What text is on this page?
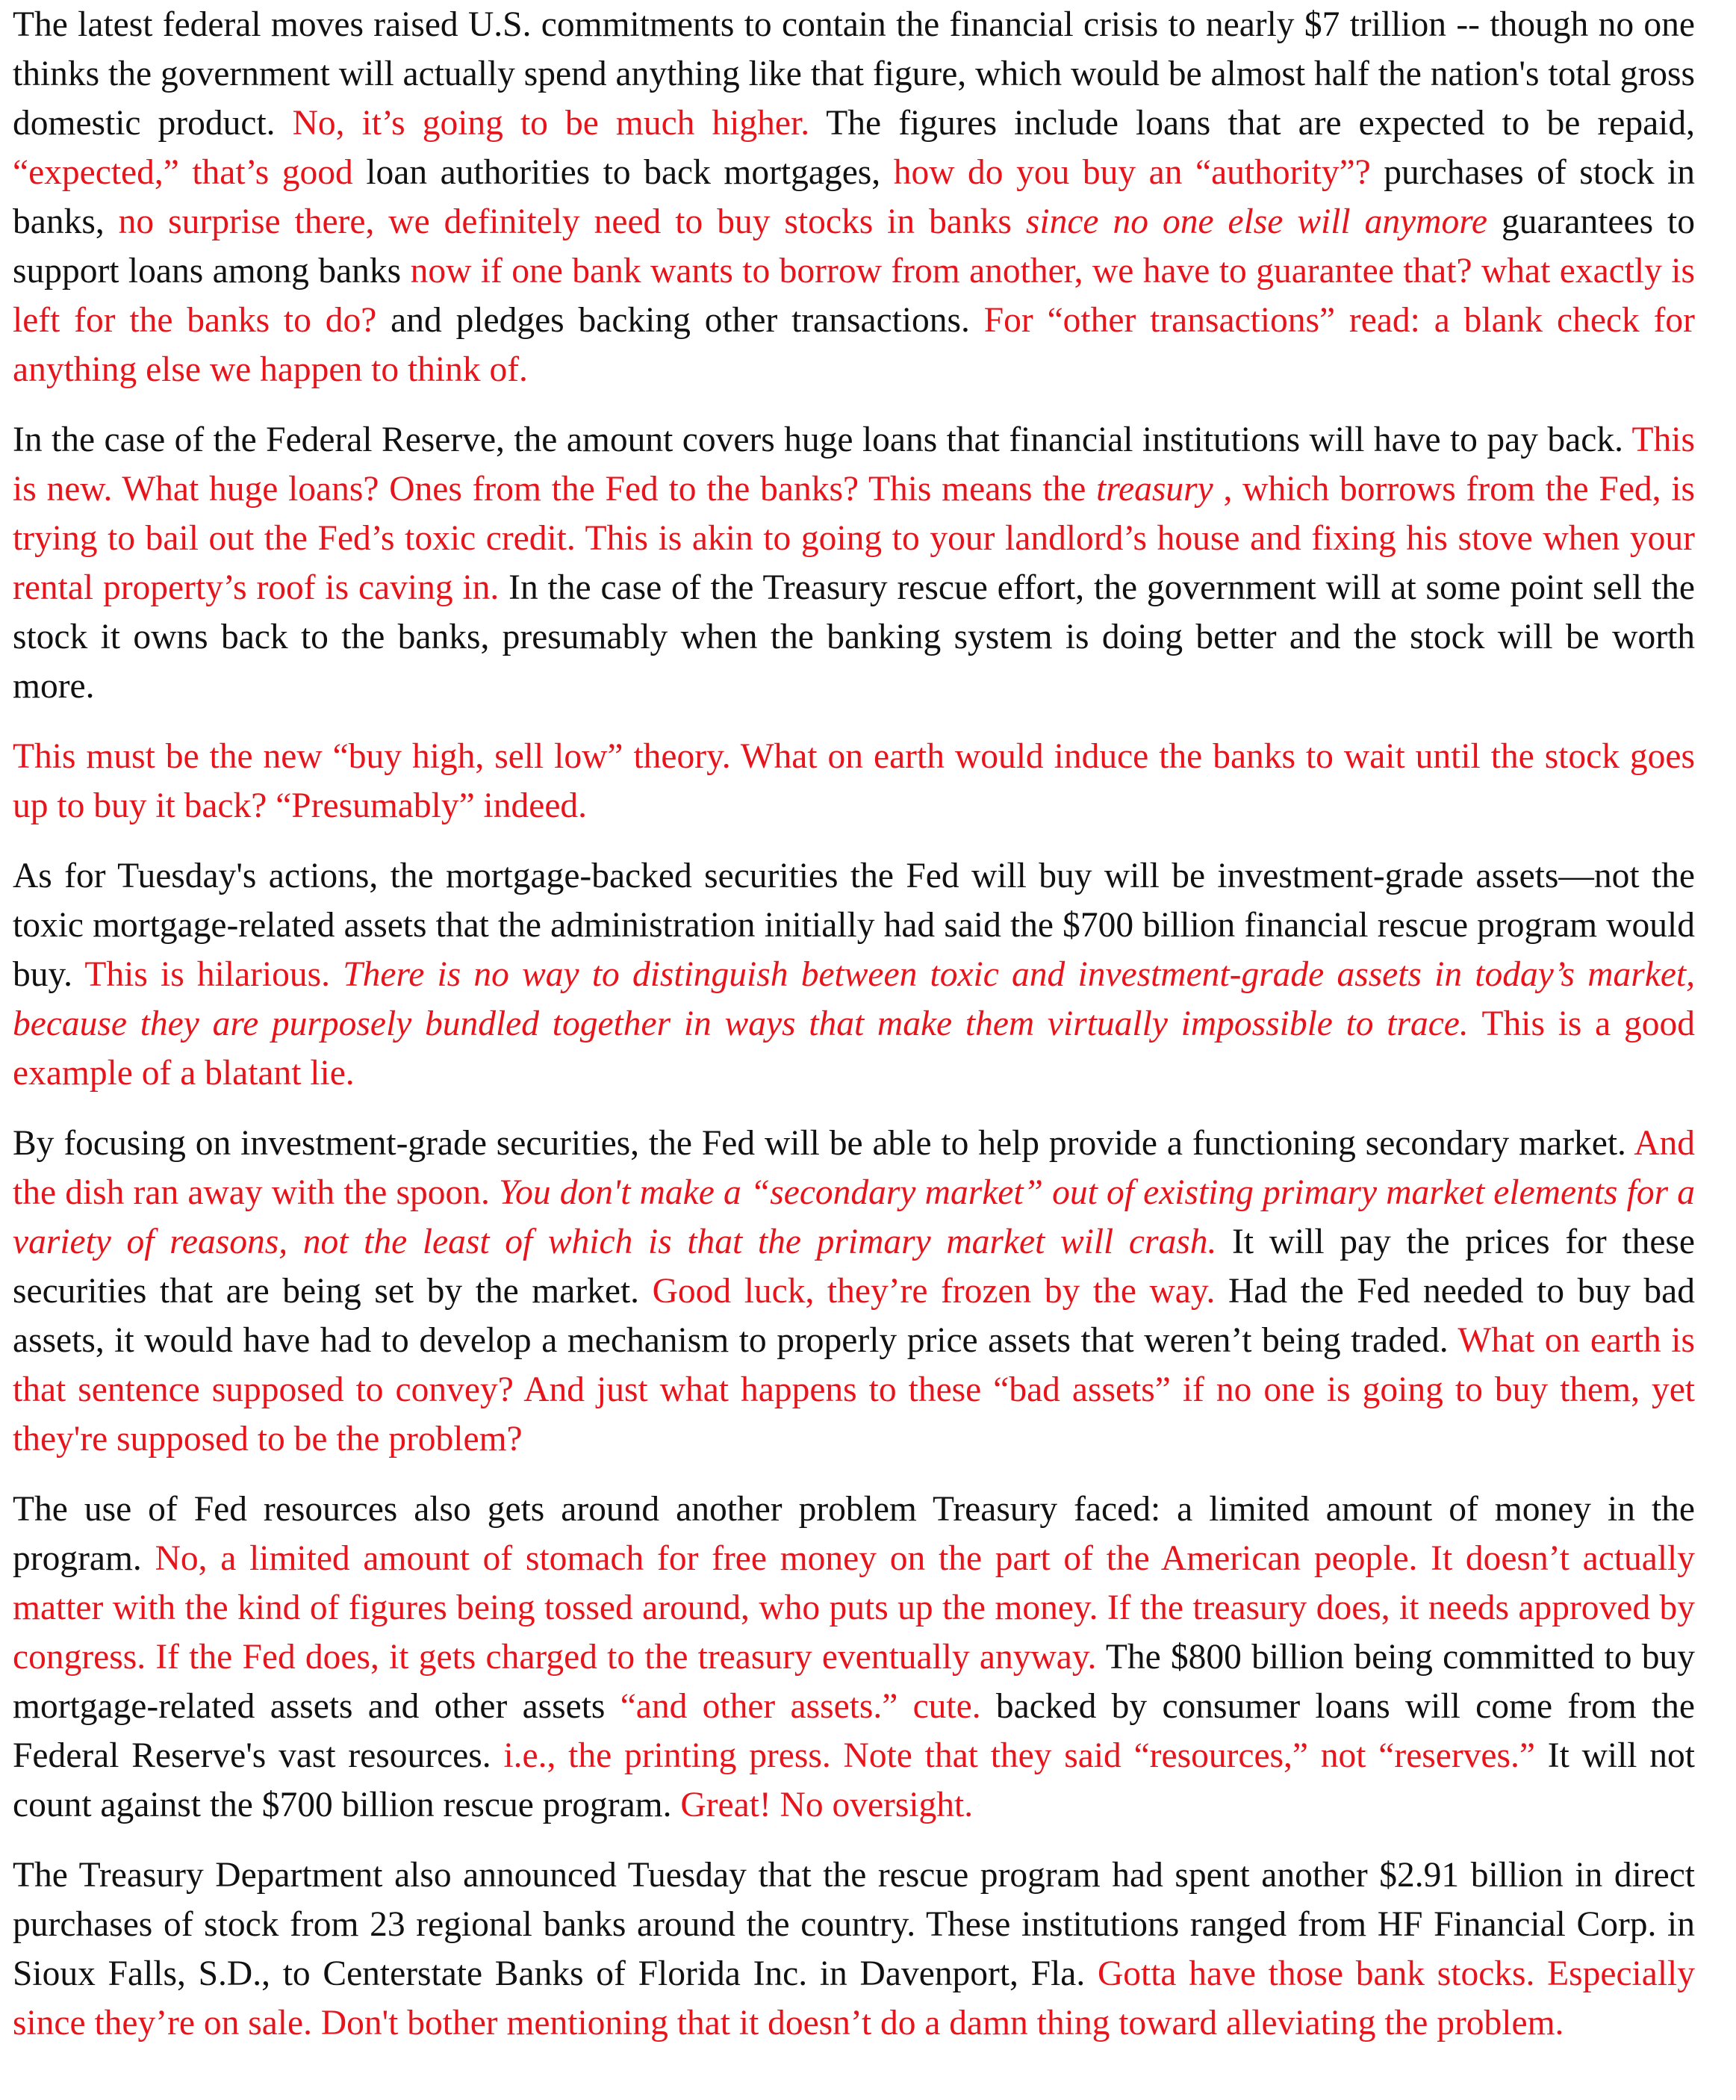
The latest federal moves raised U.S. commitments to contain the financial crisis to nearly $7 trillion -- though no one thinks the government will actually spend anything like that figure, which would be almost half the nation's total gross domestic product. No, it’s going to be much higher. The figures include loans that are expected to be repaid, “expected,” that’s good loan authorities to back mortgages, how do you buy an “authority”? purchases of stock in banks, no surprise there, we definitely need to buy stocks in banks since no one else will anymore guarantees to support loans among banks now if one bank wants to borrow from another, we have to guarantee that? what exactly is left for the banks to do? and pledges backing other transactions. For “other transactions” read: a blank check for anything else we happen to think of.

In the case of the Federal Reserve, the amount covers huge loans that financial institutions will have to pay back. This is new. What huge loans? Ones from the Fed to the banks? This means the treasury , which borrows from the Fed, is trying to bail out the Fed’s toxic credit. This is akin to going to your landlord’s house and fixing his stove when your rental property’s roof is caving in. In the case of the Treasury rescue effort, the government will at some point sell the stock it owns back to the banks, presumably when the banking system is doing better and the stock will be worth more.

This must be the new “buy high, sell low” theory. What on earth would induce the banks to wait until the stock goes up to buy it back? “Presumably” indeed.

As for Tuesday's actions, the mortgage-backed securities the Fed will buy will be investment-grade assets—not the toxic mortgage-related assets that the administration initially had said the $700 billion financial rescue program would buy. This is hilarious. There is no way to distinguish between toxic and investment-grade assets in today’s market, because they are purposely bundled together in ways that make them virtually impossible to trace. This is a good example of a blatant lie.

By focusing on investment-grade securities, the Fed will be able to help provide a functioning secondary market. And the dish ran away with the spoon. You don't make a “secondary market” out of existing primary market elements for a variety of reasons, not the least of which is that the primary market will crash. It will pay the prices for these securities that are being set by the market. Good luck, they’re frozen by the way. Had the Fed needed to buy bad assets, it would have had to develop a mechanism to properly price assets that weren’t being traded. What on earth is that sentence supposed to convey? And just what happens to these “bad assets” if no one is going to buy them, yet they're supposed to be the problem?

The use of Fed resources also gets around another problem Treasury faced: a limited amount of money in the program. No, a limited amount of stomach for free money on the part of the American people. It doesn’t actually matter with the kind of figures being tossed around, who puts up the money. If the treasury does, it needs approved by congress. If the Fed does, it gets charged to the treasury eventually anyway. The $800 billion being committed to buy mortgage-related assets and other assets “and other assets.” cute. backed by consumer loans will come from the Federal Reserve's vast resources. i.e., the printing press. Note that they said “resources,” not “reserves.” It will not count against the $700 billion rescue program. Great! No oversight.

The Treasury Department also announced Tuesday that the rescue program had spent another $2.91 billion in direct purchases of stock from 23 regional banks around the country. These institutions ranged from HF Financial Corp. in Sioux Falls, S.D., to Centerstate Banks of Florida Inc. in Davenport, Fla. Gotta have those bank stocks. Especially since they’re on sale. Don't bother mentioning that it doesn’t do a damn thing toward alleviating the problem.
